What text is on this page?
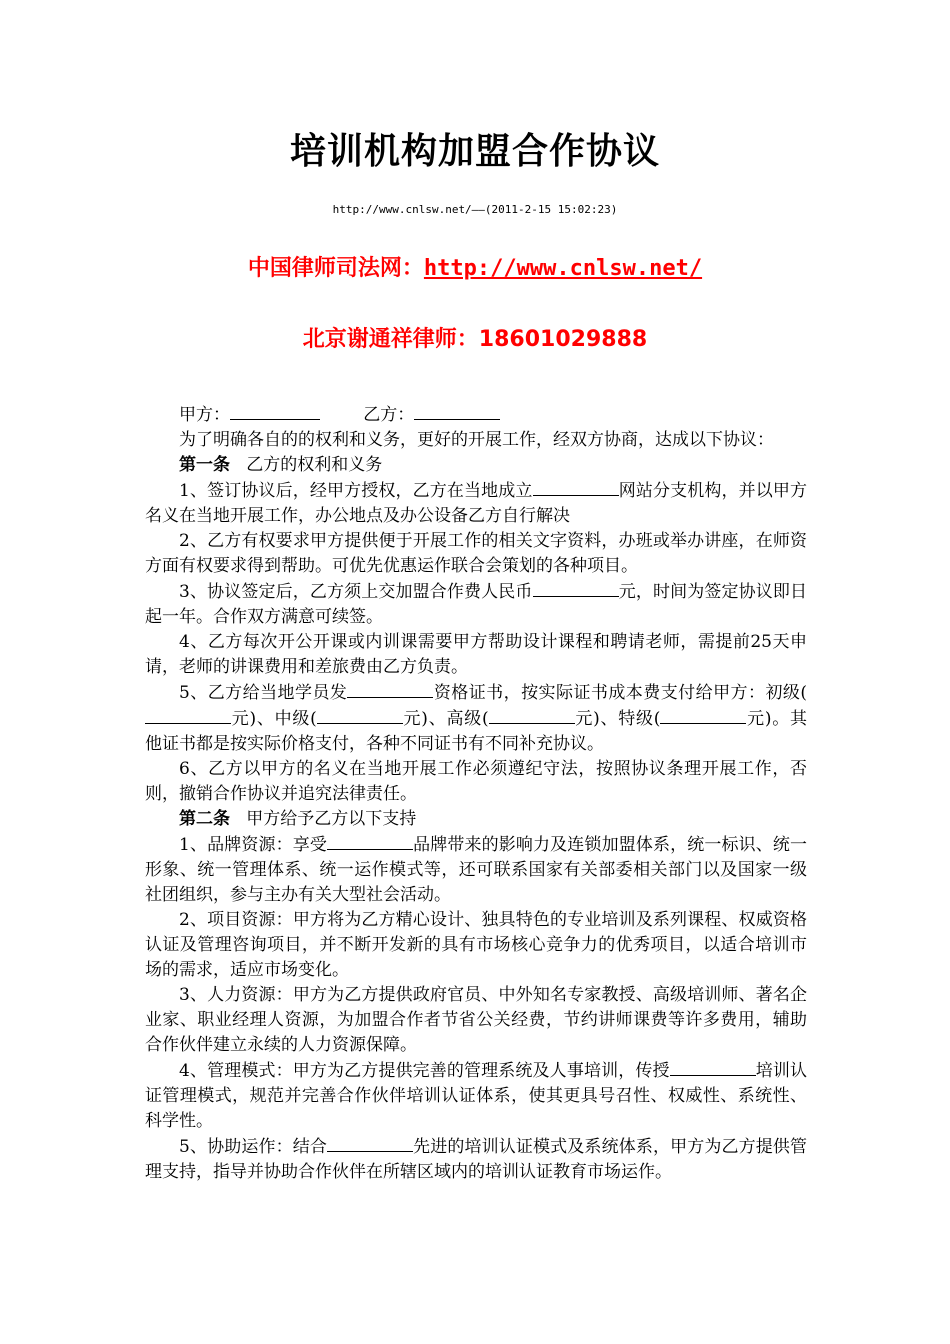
培训机构加盟合作协议
http://www.cnlsw.net/——(2011-2-15 15:02:23)
中国律师司法网：http://www.cnlsw.net/
北京谢通祥律师：18601029888

甲方：	乙方：

为了明确各自的的权利和义务，更好的开展工作，经双方协商，达成以下协议：

第一条 乙方的权利和义务

1、签订协议后，经甲方授权，乙方在当地成立	网站分支机构，并以甲方名义在当地开展工作，办公地点及办公设备乙方自行解决

2、乙方有权要求甲方提供便于开展工作的相关文字资料，办班或举办讲座，在师资方面有权要求得到帮助。可优先优惠运作联合会策划的各种项目。

3、协议签定后，乙方须上交加盟合作费人民币	元，时间为签定协议即日起一年。合作双方满意可续签。

4、乙方每次开公开课或内训课需要甲方帮助设计课程和聘请老师，需提前25天申请，老师的讲课费用和差旅费由乙方负责。

5、乙方给当地学员发	资格证书，按实际证书成本费支付给甲方：初级(元)、中级(	元)、高级(	元)、特级(	元)。其他证书都是按实际价格支付，各种不同证书有不同补充协议。

6、乙方以甲方的名义在当地开展工作必须遵纪守法，按照协议条理开展工作，否则，撤销合作协议并追究法律责任。

第二条 甲方给予乙方以下支持

1、品牌资源：享受	品牌带来的影响力及连锁加盟体系，统一标识、统一形象、统一管理体系、统一运作模式等，还可联系国家有关部委相关部门以及国家一级社团组织，参与主办有关大型社会活动。

2、项目资源：甲方将为乙方精心设计、独具特色的专业培训及系列课程、权威资格认证及管理咨询项目，并不断开发新的具有市场核心竞争力的优秀项目，以适合培训市场的需求，适应市场变化。

3、人力资源：甲方为乙方提供政府官员、中外知名专家教授、高级培训师、著名企业家、职业经理人资源，为加盟合作者节省公关经费，节约讲师课费等许多费用，辅助合作伙伴建立永续的人力资源保障。

4、管理模式：甲方为乙方提供完善的管理系统及人事培训，传授	培训认证管理模式，规范并完善合作伙伴培训认证体系，使其更具号召性、权威性、系统性、科学性。

5、协助运作：结合	先进的培训认证模式及系统体系，甲方为乙方提供管理支持，指导并协助合作伙伴在所辖区域内的培训认证教育市场运作。
